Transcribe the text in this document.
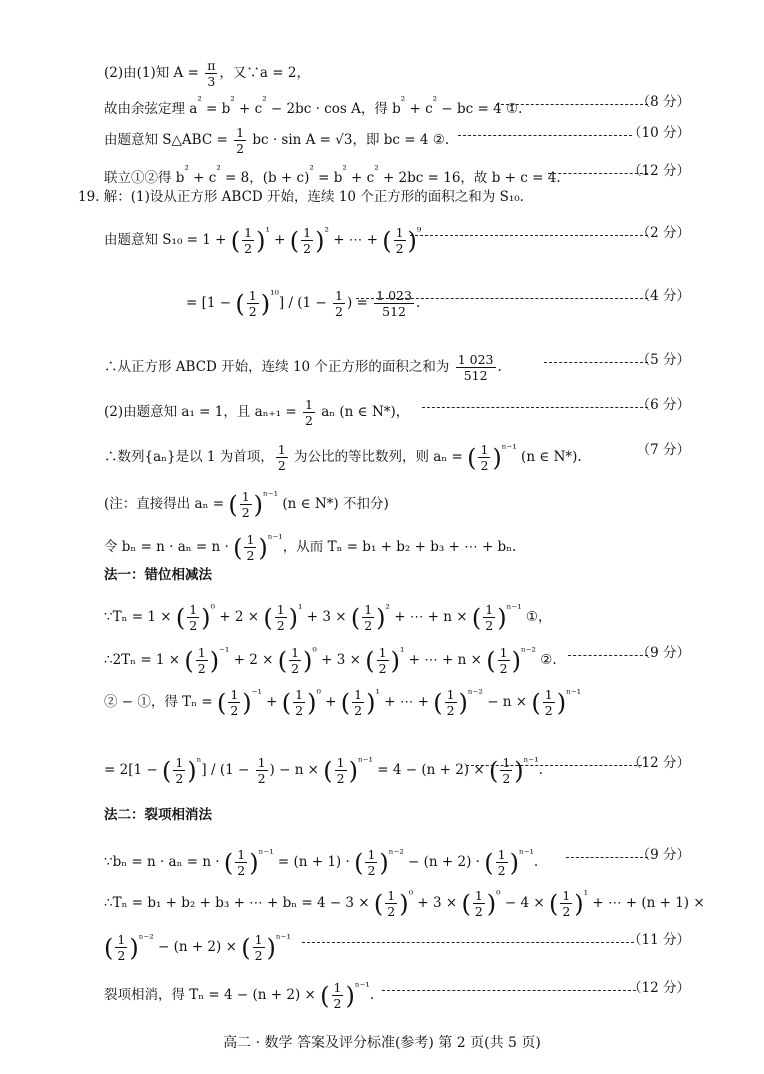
(2)由(1)知 A = π
3
，又∵a = 2，
故由余弦定理 $a^{^2} = b^{^2} + c^{^2} - 2bc \cdot \cos A$，得 $b^{^2} + c^{^2}$ − bc = 4 ①.	（8 分）
由题意知 S△ABC = 1
2
bc · sin A = √3，即 bc = 4 ②.	（10 分）
联立①②得 $b^{^2} + c^{^2} = 8$，$(b + c)^{^2} = b^{^2} + c^{^2} + 2bc = 16$，故 b + c = 4.	（12 分）
19. 解：(1)设从正方形 ABCD 开始，连续 10 个正方形的面积之和为 S₁₀.
由题意知 S₁₀ = 1 + ( 1
2 ) $^{^1}$ + ( 1
2 ) $^{^2}$ + ⋯ + ( 1
2 ) $^{^9}$	（2 分）
= [1 − ( 1
2 ) $^{^{10}}$] / (1 − 1
2
) = 1 023
512
.	（4 分）
∴从正方形 ABCD 开始，连续 10 个正方形的面积之和为 1 023
512
.	（5 分）
(2)由题意知 a₁ = 1，且 aₙ₊₁ = 1
2
aₙ (n ∈ N*)，	（6 分）
∴数列{aₙ}是以 1 为首项， 1
2
为公比的等比数列，则 aₙ = ( 1
2 ) $^{^{n-1}}$ (n ∈ N*).	（7 分）
(注：直接得出 aₙ = ( 1
2 ) $^{^{n-1}}$ (n ∈ N*) 不扣分)
令 bₙ = n · aₙ = n · ( 1
2 ) $^{^{n-1}}$，从而 Tₙ = b₁ + b₂ + b₃ + ⋯ + bₙ.
法一：错位相减法
∵Tₙ = 1 × ( 1
2 ) $^{^0}$ + 2 × ( 1
2 ) $^{^1}$ + 3 × ( 1
2 ) $^{^2}$ + ⋯ + n × ( 1
2 ) $^{^{n-1}}$ ①，
∴2Tₙ = 1 × ( 1
2 ) $^{^{-1}}$ + 2 × ( 1
2 ) $^{^0}$ + 3 × ( 1
2 ) $^{^1}$ + ⋯ + n × ( 1
2 ) $^{^{n-2}}$ ②.	（9 分）
② − ①，得 Tₙ = ( 1
2 ) $^{^{-1}}$ + ( 1
2 ) $^{^0}$ + ( 1
2 ) $^{^1}$ + ⋯ + ( 1
2 ) $^{^{n-2}}$ − n × ( 1
2 ) $^{^{n-1}}$
= 2[1 − ( 1
2 ) $^{^n}$] / (1 − 1
2
) − n × ( 1
2 ) $^{^{n-1}}$ = 4 − (n + 2) × ( 1
2 ) $^{^{n-1}}$.	（12 分）
法二：裂项相消法
∵bₙ = n · aₙ = n · ( 1
2 ) $^{^{n-1}}$ = (n + 1) · ( 1
2 ) $^{^{n-2}}$ − (n + 2) · ( 1
2 ) $^{^{n-1}}$.	（9 分）
∴Tₙ = b₁ + b₂ + b₃ + ⋯ + bₙ = 4 − 3 × ( 1
2 ) $^{^0}$ + 3 × ( 1
2 ) $^{^0}$ − 4 × ( 1
2 ) $^{^1}$ + ⋯ + (n + 1) ×
( 1
2 ) $^{^{n-2}}$ − (n + 2) × ( 1
2 ) $^{^{n-1}}$	（11 分）
裂项相消，得 Tₙ = 4 − (n + 2) × ( 1
2 ) $^{^{n-1}}$.	（12 分）
高二 · 数学 答案及评分标准(参考) 第 2 页(共 5 页)
